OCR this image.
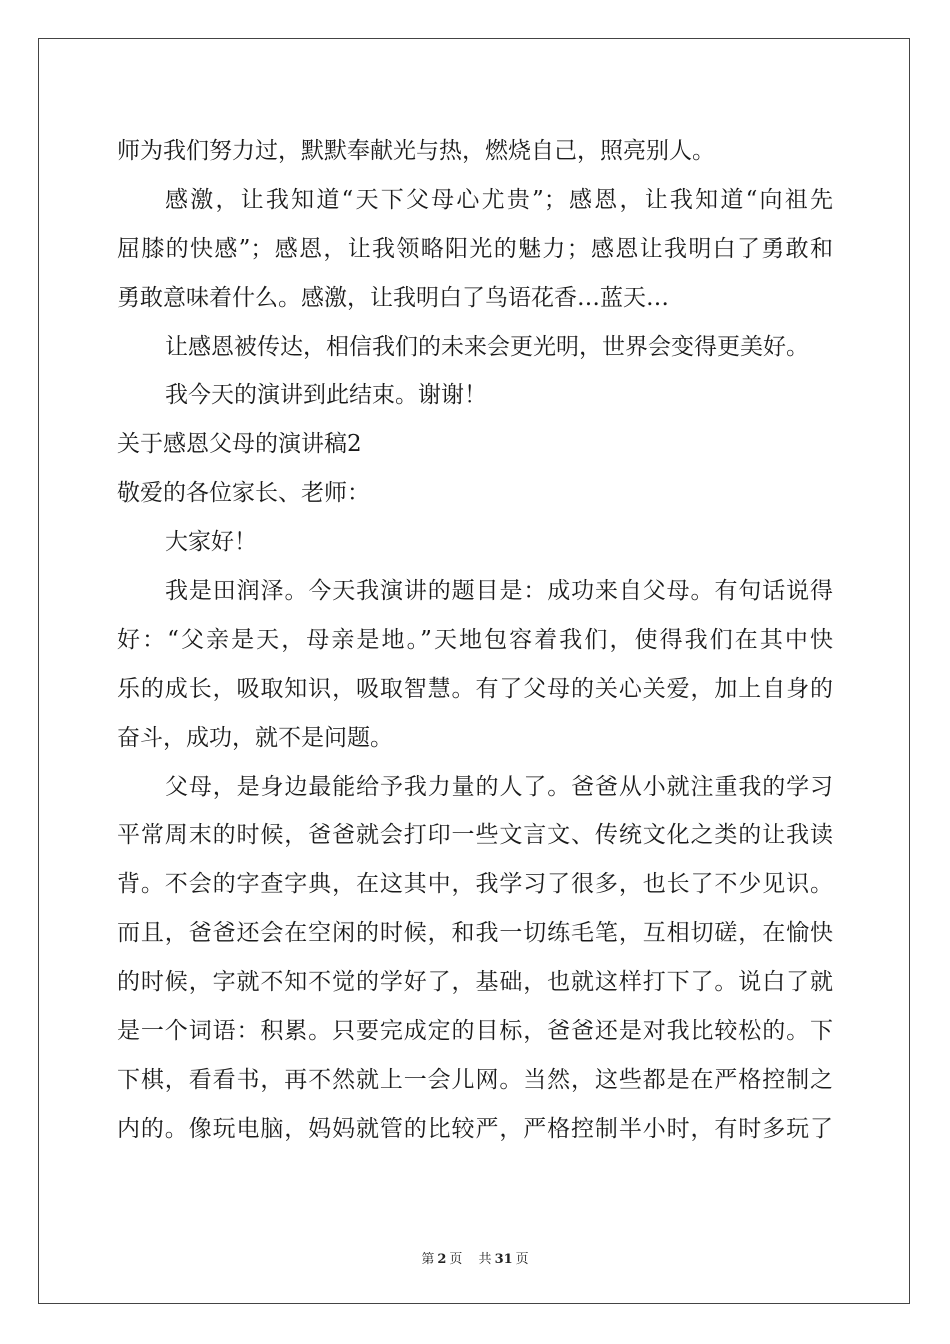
师为我们努力过，默默奉献光与热，燃烧自己，照亮别人。
感激，让我知道“天下父母心尤贵”；感恩，让我知道“向祖先
屈膝的快感”；感恩，让我领略阳光的魅力；感恩让我明白了勇敢和
勇敢意味着什么。感激，让我明白了鸟语花香…蓝天…
让感恩被传达，相信我们的未来会更光明，世界会变得更美好。
我今天的演讲到此结束。谢谢！
关于感恩父母的演讲稿2
敬爱的各位家长、老师：
大家好！
我是田润泽。今天我演讲的题目是：成功来自父母。有句话说得
好：“父亲是天，母亲是地。”天地包容着我们，使得我们在其中快
乐的成长，吸取知识，吸取智慧。有了父母的关心关爱，加上自身的
奋斗，成功，就不是问题。
父母，是身边最能给予我力量的人了。爸爸从小就注重我的学习
平常周末的时候，爸爸就会打印一些文言文、传统文化之类的让我读
背。不会的字查字典，在这其中，我学习了很多，也长了不少见识。
而且，爸爸还会在空闲的时候，和我一切练毛笔，互相切磋，在愉快
的时候，字就不知不觉的学好了，基础，也就这样打下了。说白了就
是一个词语：积累。只要完成定的目标，爸爸还是对我比较松的。下
下棋，看看书，再不然就上一会儿网。当然，这些都是在严格控制之
内的。像玩电脑，妈妈就管的比较严，严格控制半小时，有时多玩了
第 2 页 共 31 页
